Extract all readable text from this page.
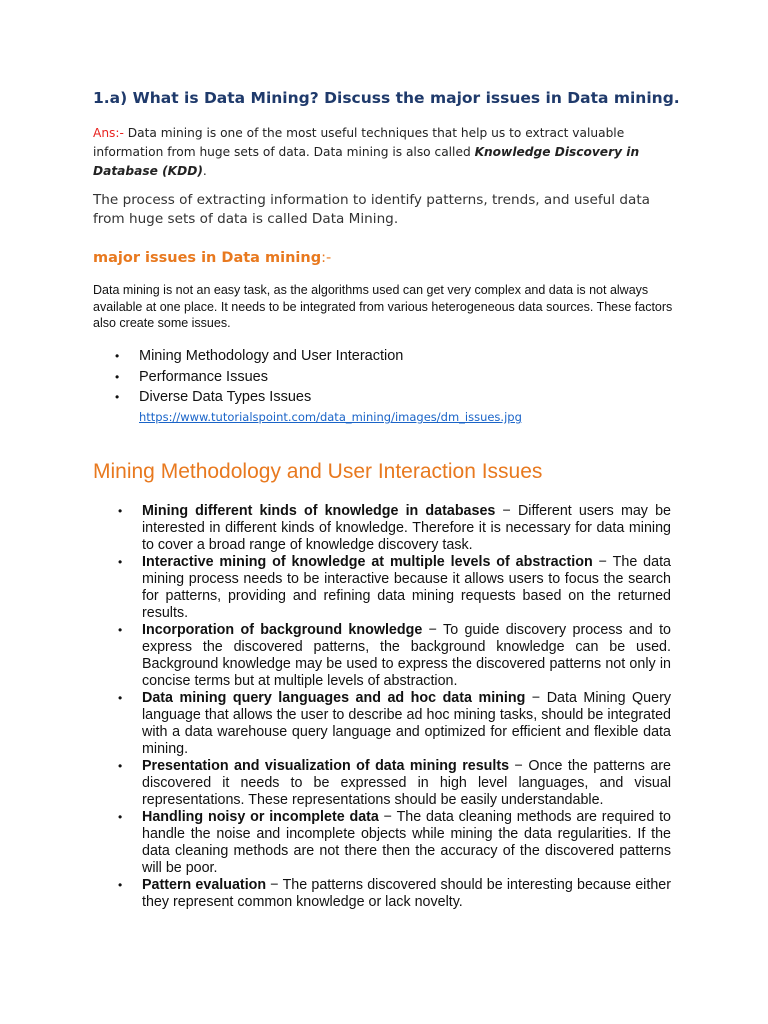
1.a) What is Data Mining? Discuss the major issues in Data mining.

Ans:- Data mining is one of the most useful techniques that help us to extract valuable information from huge sets of data. Data mining is also called Knowledge Discovery in Database (KDD).

The process of extracting information to identify patterns, trends, and useful data from huge sets of data is called Data Mining.

major issues in Data mining:-

Data mining is not an easy task, as the algorithms used can get very complex and data is not always available at one place. It needs to be integrated from various heterogeneous data sources. These factors also create some issues.

• Mining Methodology and User Interaction
• Performance Issues
• Diverse Data Types Issues
https://www.tutorialspoint.com/data_mining/images/dm_issues.jpg
Mining Methodology and User Interaction Issues
• Mining different kinds of knowledge in databases − Different users may be interested in different kinds of knowledge. Therefore it is necessary for data mining to cover a broad range of knowledge discovery task.
• Interactive mining of knowledge at multiple levels of abstraction − The data mining process needs to be interactive because it allows users to focus the search for patterns, providing and refining data mining requests based on the returned results.
• Incorporation of background knowledge − To guide discovery process and to express the discovered patterns, the background knowledge can be used. Background knowledge may be used to express the discovered patterns not only in concise terms but at multiple levels of abstraction.
• Data mining query languages and ad hoc data mining − Data Mining Query language that allows the user to describe ad hoc mining tasks, should be integrated with a data warehouse query language and optimized for efficient and flexible data mining.
• Presentation and visualization of data mining results − Once the patterns are discovered it needs to be expressed in high level languages, and visual representations. These representations should be easily understandable.
• Handling noisy or incomplete data − The data cleaning methods are required to handle the noise and incomplete objects while mining the data regularities. If the data cleaning methods are not there then the accuracy of the discovered patterns will be poor.
• Pattern evaluation − The patterns discovered should be interesting because either they represent common knowledge or lack novelty.
